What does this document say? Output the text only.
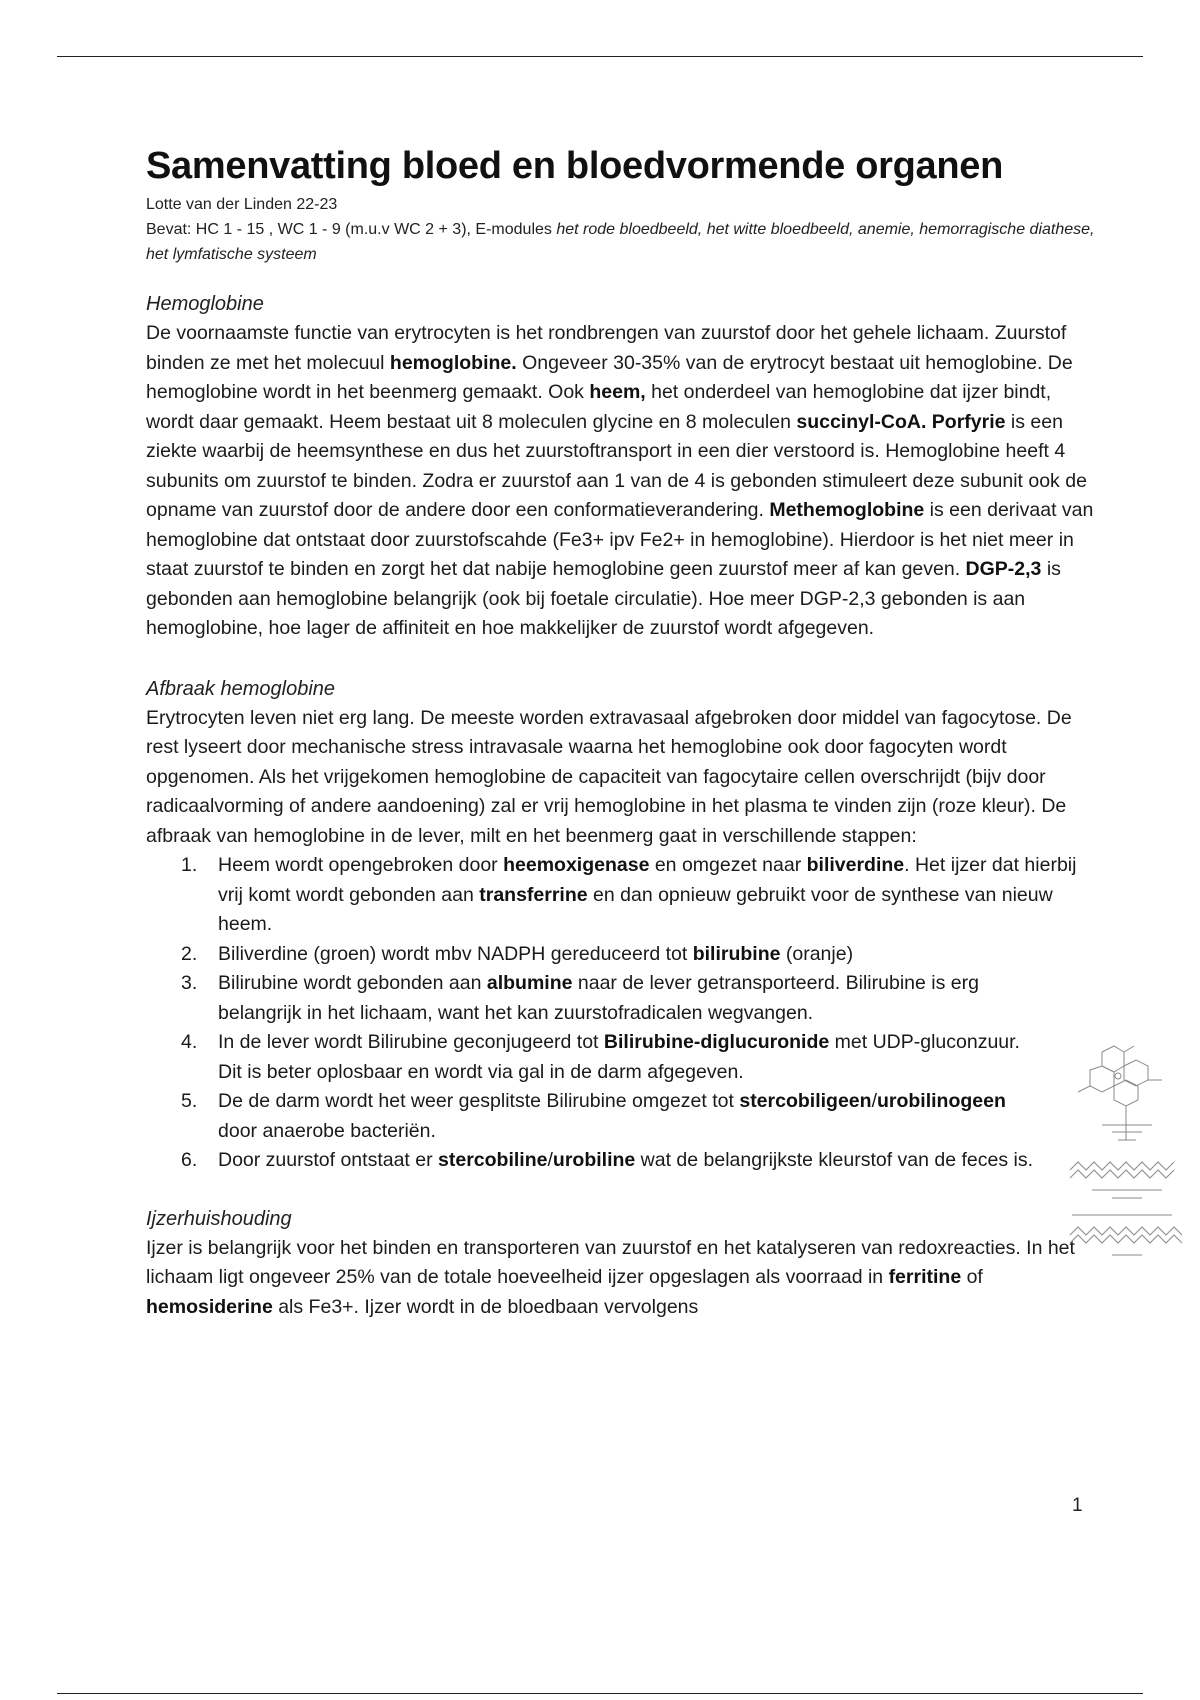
Samenvatting bloed en bloedvormende organen
Lotte van der Linden 22-23
Bevat: HC 1 - 15 , WC 1 - 9 (m.u.v WC 2 + 3), E-modules het rode bloedbeeld, het witte bloedbeeld, anemie, hemorragische diathese, het lymfatische systeem
Hemoglobine

De voornaamste functie van erytrocyten is het rondbrengen van zuurstof door het gehele lichaam. Zuurstof binden ze met het molecuul hemoglobine. Ongeveer 30-35% van de erytrocyt bestaat uit hemoglobine. De hemoglobine wordt in het beenmerg gemaakt. Ook heem, het onderdeel van hemoglobine dat ijzer bindt, wordt daar gemaakt. Heem bestaat uit 8 moleculen glycine en 8 moleculen succinyl-CoA. Porfyrie is een ziekte waarbij de heemsynthese en dus het zuurstoftransport in een dier verstoord is. Hemoglobine heeft 4 subunits om zuurstof te binden. Zodra er zuurstof aan 1 van de 4 is gebonden stimuleert deze subunit ook de opname van zuurstof door de andere door een conformatieverandering. Methemoglobine is een derivaat van hemoglobine dat ontstaat door zuurstofscahde (Fe3+ ipv Fe2+ in hemoglobine). Hierdoor is het niet meer in staat zuurstof te binden en zorgt het dat nabije hemoglobine geen zuurstof meer af kan geven. DGP-2,3 is gebonden aan hemoglobine belangrijk (ook bij foetale circulatie). Hoe meer DGP-2,3 gebonden is aan hemoglobine, hoe lager de affiniteit en hoe makkelijker de zuurstof wordt afgegeven.

Afbraak hemoglobine

Erytrocyten leven niet erg lang. De meeste worden extravasaal afgebroken door middel van fagocytose. De rest lyseert door mechanische stress intravasale waarna het hemoglobine ook door fagocyten wordt opgenomen. Als het vrijgekomen hemoglobine de capaciteit van fagocytaire cellen overschrijdt (bijv door radicaalvorming of andere aandoening) zal er vrij hemoglobine in het plasma te vinden zijn (roze kleur). De afbraak van hemoglobine in de lever, milt en het beenmerg gaat in verschillende stappen:

1. Heem wordt opengebroken door heemoxigenase en omgezet naar biliverdine. Het ijzer dat hierbij vrij komt wordt gebonden aan transferrine en dan opnieuw gebruikt voor de synthese van nieuw heem.
2. Biliverdine (groen) wordt mbv NADPH gereduceerd tot bilirubine (oranje)
3. Bilirubine wordt gebonden aan albumine naar de lever getransporteerd. Bilirubine is erg belangrijk in het lichaam, want het kan zuurstofradicalen wegvangen.
4. In de lever wordt Bilirubine geconjugeerd tot Bilirubine-diglucuronide met UDP-gluconzuur. Dit is beter oplosbaar en wordt via gal in de darm afgegeven.
5. De de darm wordt het weer gesplitste Bilirubine omgezet tot stercobiligeen/urobilinogeen door anaerobe bacteriën.
6. Door zuurstof ontstaat er stercobiline/urobiline wat de belangrijkste kleurstof van de feces is.
Ijzerhuishouding

Ijzer is belangrijk voor het binden en transporteren van zuurstof en het katalyseren van redoxreacties. In het lichaam ligt ongeveer 25% van de totale hoeveelheid ijzer opgeslagen als voorraad in ferritine of hemosiderine als Fe3+. Ijzer wordt in de bloedbaan vervolgens

1
